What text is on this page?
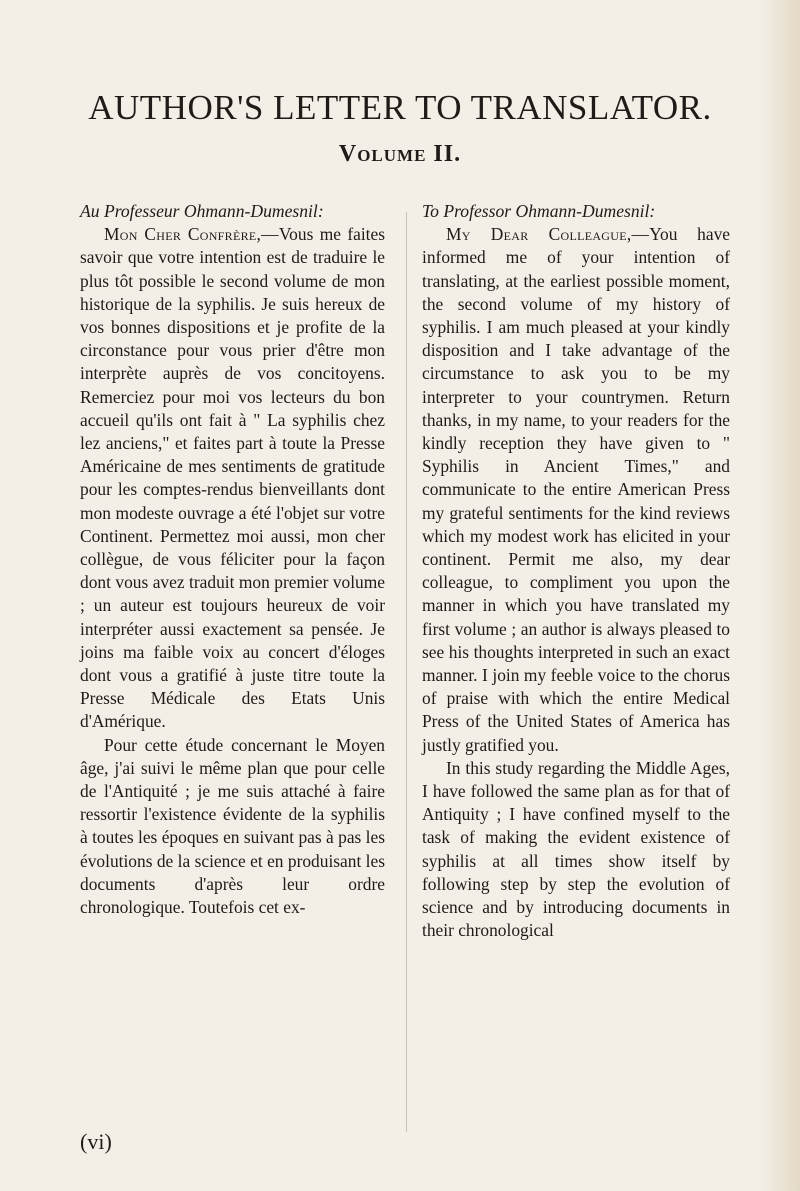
AUTHOR'S LETTER TO TRANSLATOR.
Volume II.

Au Professeur Ohmann-Dumesnil:

Mon Cher Confrère,—Vous me faites savoir que votre intention est de traduire le plus tôt possible le second volume de mon historique de la syphilis. Je suis hereux de vos bonnes dispositions et je profite de la circonstance pour vous prier d'être mon interprète auprès de vos concitoyens. Remerciez pour moi vos lecteurs du bon accueil qu'ils ont fait à " La syphilis chez lez anciens," et faites part à toute la Presse Américaine de mes sentiments de gratitude pour les comptes-rendus bienveillants dont mon modeste ouvrage a été l'objet sur votre Continent. Permettez moi aussi, mon cher collègue, de vous féliciter pour la façon dont vous avez traduit mon premier volume ; un auteur est toujours heureux de voir interpréter aussi exactement sa pensée. Je joins ma faible voix au concert d'éloges dont vous a gratifié à juste titre toute la Presse Médicale des Etats Unis d'Amérique.

Pour cette étude concernant le Moyen âge, j'ai suivi le même plan que pour celle de l'Antiquité ; je me suis attaché à faire ressortir l'existence évidente de la syphilis à toutes les époques en suivant pas à pas les évolutions de la science et en produisant les documents d'après leur ordre chronologique. Toutefois cet ex-

To Professor Ohmann-Dumesnil:

My Dear Colleague,—You have informed me of your intention of translating, at the earliest possible moment, the second volume of my history of syphilis. I am much pleased at your kindly disposition and I take advantage of the circumstance to ask you to be my interpreter to your countrymen. Return thanks, in my name, to your readers for the kindly reception they have given to " Syphilis in Ancient Times," and communicate to the entire American Press my grateful sentiments for the kind reviews which my modest work has elicited in your continent. Permit me also, my dear colleague, to compliment you upon the manner in which you have translated my first volume ; an author is always pleased to see his thoughts interpreted in such an exact manner. I join my feeble voice to the chorus of praise with which the entire Medical Press of the United States of America has justly gratified you.

In this study regarding the Middle Ages, I have followed the same plan as for that of Antiquity ; I have confined myself to the task of making the evident existence of syphilis at all times show itself by following step by step the evolution of science and by introducing documents in their chronological

(vi)
